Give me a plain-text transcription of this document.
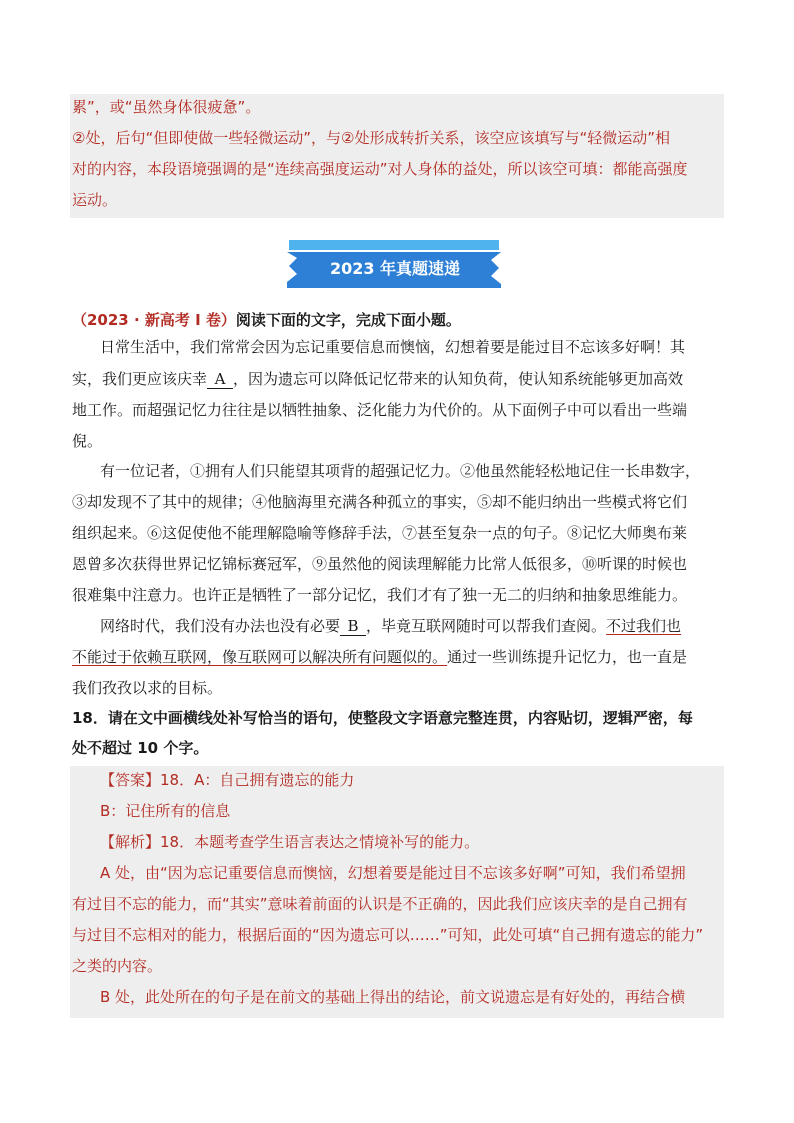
累”，或“虽然身体很疲惫”。
②处，后句“但即使做一些轻微运动”，与②处形成转折关系，该空应该填写与“轻微运动”相
对的内容，本段语境强调的是“连续高强度运动”对人身体的益处，所以该空可填：都能高强度
运动。
2023 年真题速递
（2023 · 新高考 I 卷）阅读下面的文字，完成下面小题。
日常生活中，我们常常会因为忘记重要信息而懊恼，幻想着要是能过目不忘该多好啊！其
实，我们更应该庆幸 A ，因为遗忘可以降低记忆带来的认知负荷，使认知系统能够更加高效
地工作。而超强记忆力往往是以牺牲抽象、泛化能力为代价的。从下面例子中可以看出一些端
倪。
有一位记者，①拥有人们只能望其项背的超强记忆力。②他虽然能轻松地记住一长串数字，
③却发现不了其中的规律；④他脑海里充满各种孤立的事实，⑤却不能归纳出一些模式将它们
组织起来。⑥这促使他不能理解隐喻等修辞手法，⑦甚至复杂一点的句子。⑧记忆大师奥布莱
恩曾多次获得世界记忆锦标赛冠军，⑨虽然他的阅读理解能力比常人低很多，⑩听课的时候也
很难集中注意力。也许正是牺牲了一部分记忆，我们才有了独一无二的归纳和抽象思维能力。
网络时代，我们没有办法也没有必要 B ，毕竟互联网随时可以帮我们查阅。不过我们也
不能过于依赖互联网，像互联网可以解决所有问题似的。通过一些训练提升记忆力，也一直是
我们孜孜以求的目标。
18．请在文中画横线处补写恰当的语句，使整段文字语意完整连贯，内容贴切，逻辑严密，每
处不超过 10 个字。
【答案】18．A：自己拥有遗忘的能力
B：记住所有的信息
【解析】18．本题考查学生语言表达之情境补写的能力。
A 处，由“因为忘记重要信息而懊恼，幻想着要是能过目不忘该多好啊”可知，我们希望拥
有过目不忘的能力，而“其实”意味着前面的认识是不正确的，因此我们应该庆幸的是自己拥有
与过目不忘相对的能力，根据后面的“因为遗忘可以……”可知，此处可填“自己拥有遗忘的能力”
之类的内容。
B 处，此处所在的句子是在前文的基础上得出的结论，前文说遗忘是有好处的，再结合横
